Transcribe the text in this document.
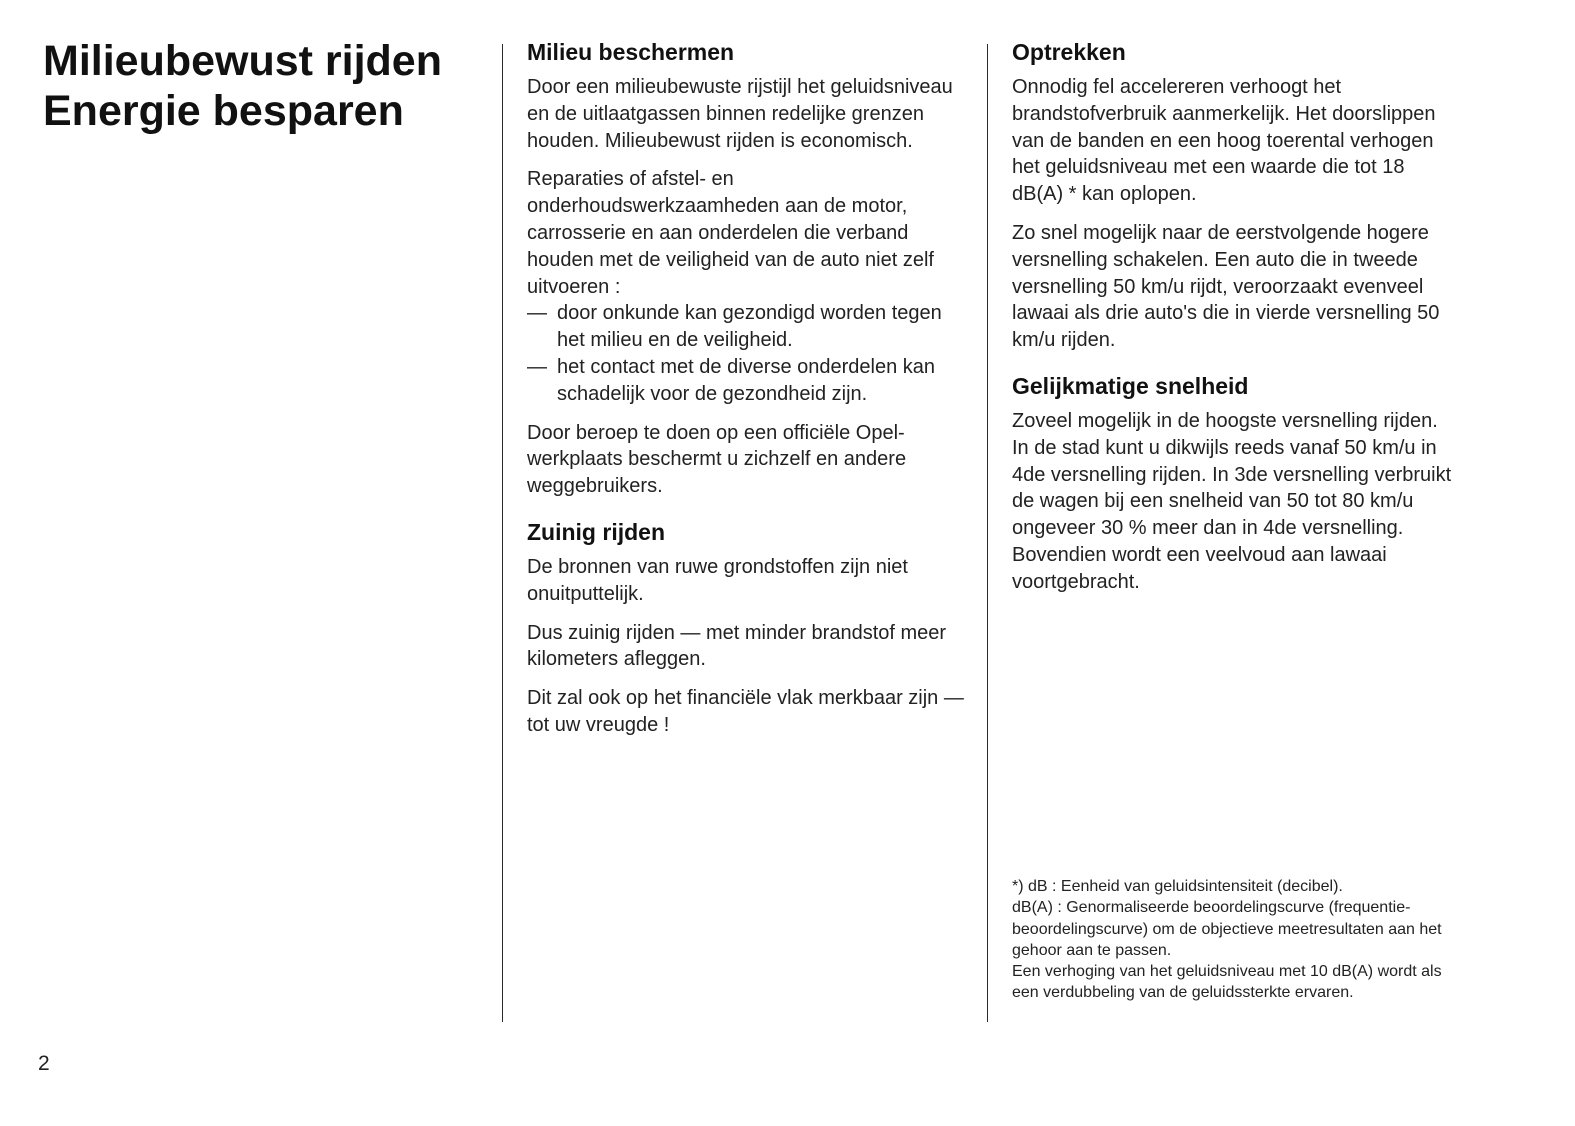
Milieubewust rijden
Energie besparen
Milieu beschermen

Door een milieubewuste rijstijl het geluidsniveau en de uitlaatgassen binnen redelijke grenzen houden. Milieubewust rijden is economisch.

Reparaties of afstel- en onderhoudswerkzaamheden aan de motor, carrosserie en aan onderdelen die verband houden met de veiligheid van de auto niet zelf uitvoeren :

— door onkunde kan gezondigd worden tegen het milieu en de veiligheid.
— het contact met de diverse onderdelen kan schadelijk voor de gezondheid zijn.

Door beroep te doen op een officiële Opel-werkplaats beschermt u zichzelf en andere weggebruikers.

Zuinig rijden

De bronnen van ruwe grondstoffen zijn niet onuitputtelijk.

Dus zuinig rijden — met minder brandstof meer kilometers afleggen.

Dit zal ook op het financiële vlak merkbaar zijn — tot uw vreugde !

Optrekken

Onnodig fel accelereren verhoogt het brandstofverbruik aanmerkelijk. Het doorslippen van de banden en een hoog toerental verhogen het geluidsniveau met een waarde die tot 18 dB(A) * kan oplopen.

Zo snel mogelijk naar de eerstvolgende hogere versnelling schakelen. Een auto die in tweede versnelling 50 km/u rijdt, veroorzaakt evenveel lawaai als drie auto's die in vierde versnelling 50 km/u rijden.

Gelijkmatige snelheid

Zoveel mogelijk in de hoogste versnelling rijden. In de stad kunt u dikwijls reeds vanaf 50 km/u in 4de versnelling rijden. In 3de versnelling verbruikt de wagen bij een snelheid van 50 tot 80 km/u ongeveer 30 % meer dan in 4de versnelling. Bovendien wordt een veelvoud aan lawaai voortgebracht.

*) dB : Eenheid van geluidsintensiteit (decibel).
dB(A) : Genormaliseerde beoordelingscurve (frequentie-beoordelingscurve) om de objectieve meetresultaten aan het gehoor aan te passen.
Een verhoging van het geluidsniveau met 10 dB(A) wordt als een verdubbeling van de geluidssterkte ervaren.
2
